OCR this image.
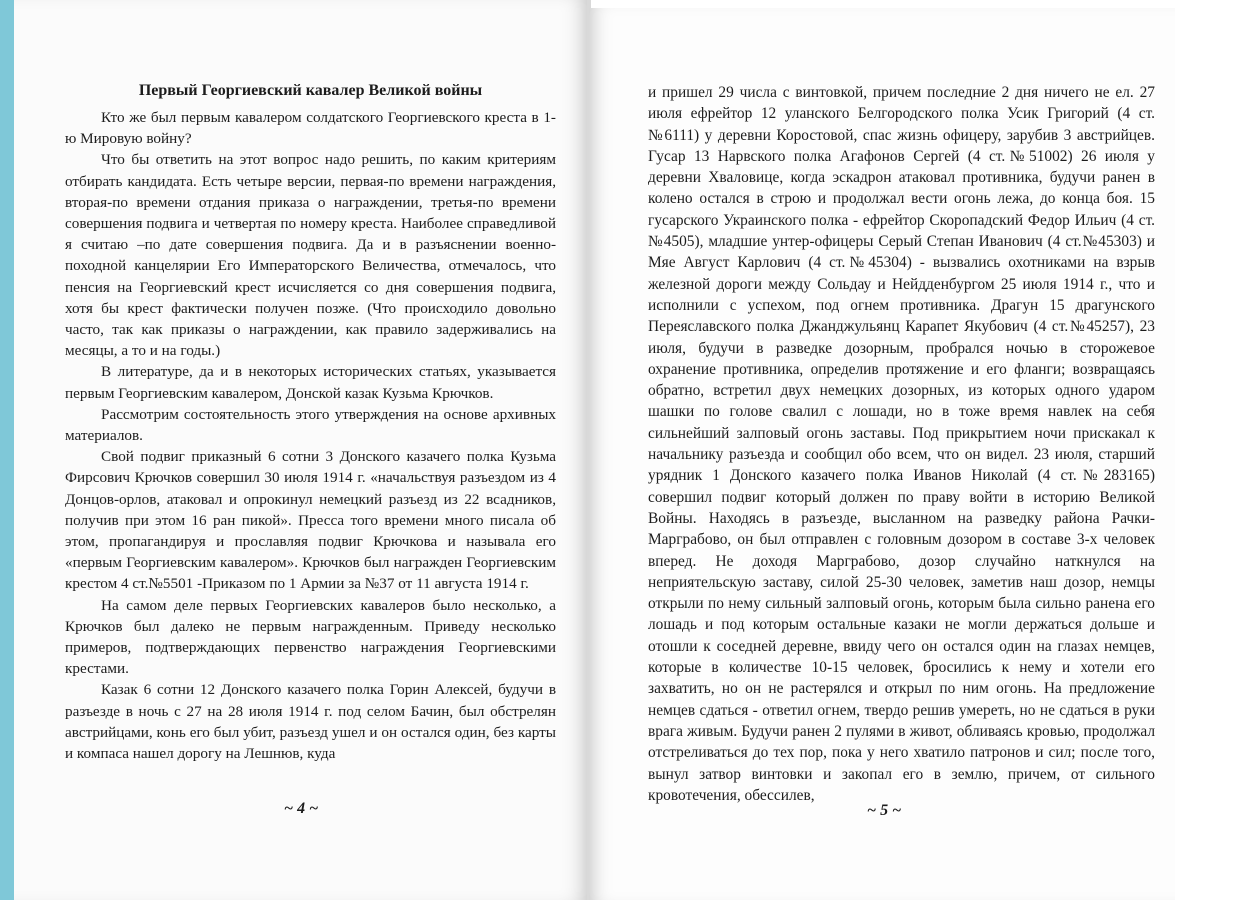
Первый Георгиевский кавалер Великой войны

Кто же был первым кавалером солдатского Георгиевского креста в 1-ю Мировую войну?

Что бы ответить на этот вопрос надо решить, по каким критериям отбирать кандидата. Есть четыре версии, первая-по времени награждения, вторая-по времени отдания приказа о награждении, третья-по времени совершения подвига и четвертая по номеру креста. Наиболее справедливой я считаю –по дате совершения подвига. Да и в разъяснении военно-походной канцелярии Его Императорского Величества, отмечалось, что пенсия на Георгиевский крест исчисляется со дня совершения подвига, хотя бы крест фактически получен позже. (Что происходило довольно часто, так как приказы о награждении, как правило задерживались на месяцы, а то и на годы.)

В литературе, да и в некоторых исторических статьях, указывается первым Георгиевским кавалером, Донской казак Кузьма Крючков.

Рассмотрим состоятельность этого утверждения на основе архивных материалов.

Свой подвиг приказный 6 сотни 3 Донского казачего полка Кузьма Фирсович Крючков совершил 30 июля 1914 г. «начальствуя разъездом из 4 Донцов-орлов, атаковал и опрокинул немецкий разъезд из 22 всадников, получив при этом 16 ран пикой». Пресса того времени много писала об этом, пропагандируя и прославляя подвиг Крючкова и называла его «первым Георгиевским кавалером». Крючков был награжден Георгиевским крестом 4 ст.№5501 -Приказом по 1 Армии за №37 от 11 августа 1914 г.

На самом деле первых Георгиевских кавалеров было несколько, а Крючков был далеко не первым награжденным. Приведу несколько примеров, подтверждающих первенство награждения Георгиевскими крестами.

Казак 6 сотни 12 Донского казачего полка Горин Алексей, будучи в разъезде в ночь с 27 на 28 июля 1914 г. под селом Бачин, был обстрелян австрийцами, конь его был убит, разъезд ушел и он остался один, без карты и компаса нашел дорогу на Лешнюв, куда

~ 4 ~

и пришел 29 числа с винтовкой, причем последние 2 дня ничего не ел. 27 июля ефрейтор 12 уланского Белгородского полка Усик Григорий (4 ст.№6111) у деревни Коростовой, спас жизнь офицеру, зарубив 3 австрийцев. Гусар 13 Нарвского полка Агафонов Сергей (4 ст.№51002) 26 июля у деревни Хваловице, когда эскадрон атаковал противника, будучи ранен в колено остался в строю и продолжал вести огонь лежа, до конца боя. 15 гусарского Украинского полка - ефрейтор Скоропадский Федор Ильич (4 ст.№4505), младшие унтер-офицеры Серый Степан Иванович (4 ст.№45303) и Мяе Август Карлович (4 ст.№45304) - вызвались охотниками на взрыв железной дороги между Сольдау и Нейдденбургом 25 июля 1914 г., что и исполнили с успехом, под огнем противника. Драгун 15 драгунского Переяславского полка Джанджульянц Карапет Якубович (4 ст.№45257), 23 июля, будучи в разведке дозорным, пробрался ночью в сторожевое охранение противника, определив протяжение и его фланги; возвращаясь обратно, встретил двух немецких дозорных, из которых одного ударом шашки по голове свалил с лошади, но в тоже время навлек на себя сильнейший залповый огонь заставы. Под прикрытием ночи прискакал к начальнику разъезда и сообщил обо всем, что он видел. 23 июля, старший урядник 1 Донского казачего полка Иванов Николай (4 ст.№283165) совершил подвиг который должен по праву войти в историю Великой Войны. Находясь в разъезде, высланном на разведку района Рачки-Марграбово, он был отправлен с головным дозором в составе 3-х человек вперед. Не доходя Марграбово, дозор случайно наткнулся на неприятельскую заставу, силой 25-30 человек, заметив наш дозор, немцы открыли по нему сильный залповый огонь, которым была сильно ранена его лошадь и под которым остальные казаки не могли держаться дольше и отошли к соседней деревне, ввиду чего он остался один на глазах немцев, которые в количестве 10-15 человек, бросились к нему и хотели его захватить, но он не растерялся и открыл по ним огонь. На предложение немцев сдаться - ответил огнем, твердо решив умереть, но не сдаться в руки врага живым. Будучи ранен 2 пулями в живот, обливаясь кровью, продолжал отстреливаться до тех пор, пока у него хватило патронов и сил; после того, вынул затвор винтовки и закопал его в землю, причем, от сильного кровотечения, обессилев,

~ 5 ~
